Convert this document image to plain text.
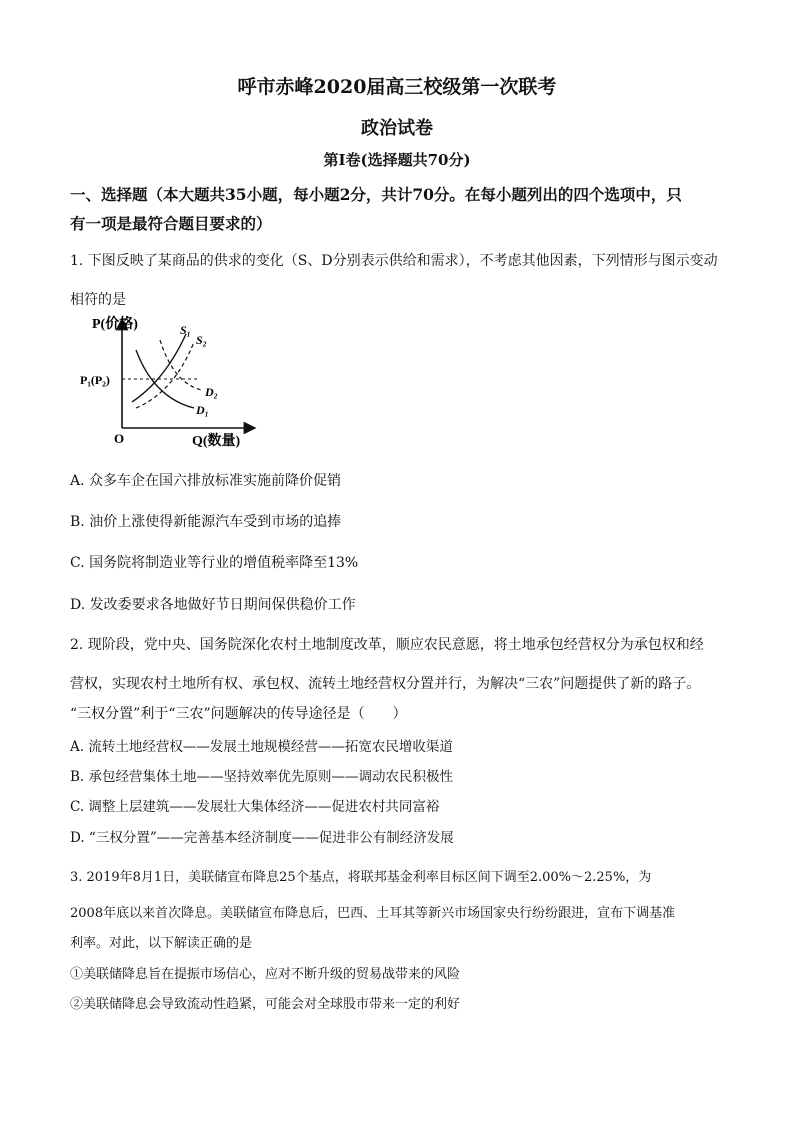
呼市赤峰2020届高三校级第一次联考
政治试卷
第I卷(选择题共70分)
一、选择题（本大题共35小题，每小题2分，共计70分。在每小题列出的四个选项中，只
有一项是最符合题目要求的）
1. 下图反映了某商品的供求的变化（S、D分别表示供给和需求），不考虑其他因素，下列情形与图示变动
相符的是
P(价格)
Q(数量)
O
P₁(P₂)
S₁
S₂
D₂
D₁
A. 众多车企在国六排放标准实施前降价促销
B. 油价上涨使得新能源汽车受到市场的追捧
C. 国务院将制造业等行业的增值税率降至13%
D. 发改委要求各地做好节日期间保供稳价工作
2. 现阶段，党中央、国务院深化农村土地制度改革，顺应农民意愿，将土地承包经营权分为承包权和经
营权，实现农村土地所有权、承包权、流转土地经营权分置并行，为解决“三农”问题提供了新的路子。
“三权分置”利于“三农”问题解决的传导途径是（　　）
A. 流转土地经营权——发展土地规模经营——拓宽农民增收渠道
B. 承包经营集体土地——坚持效率优先原则——调动农民积极性
C. 调整上层建筑——发展壮大集体经济——促进农村共同富裕
D. “三权分置”——完善基本经济制度——促进非公有制经济发展
3. 2019年8月1日，美联储宣布降息25个基点，将联邦基金利率目标区间下调至2.00%～2.25%，为
2008年底以来首次降息。美联储宣布降息后，巴西、土耳其等新兴市场国家央行纷纷跟进，宣布下调基准
利率。对此，以下解读正确的是
①美联储降息旨在提振市场信心，应对不断升级的贸易战带来的风险
②美联储降息会导致流动性趋紧，可能会对全球股市带来一定的利好
